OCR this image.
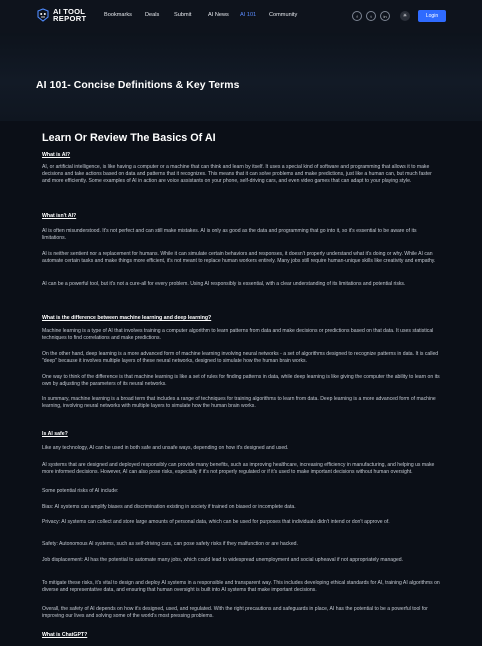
AI TOOL
REPORT	Bookmarks Deals	Submit	AI News AI 101 Community	f	t	in	☀	Login
AI 101- Concise Definitions & Key Terms
Learn Or Review The Basics Of AI
What is AI?

AI, or artificial intelligence, is like having a computer or a machine that can think and learn by itself. It uses a special kind of software and programming that allows it to make decisions and take actions based on data and patterns that it recognizes. This means that it can solve problems and make predictions, just like a human can, but much faster and more efficiently. Some examples of AI in action are voice assistants on your phone, self-driving cars, and even video games that can adapt to your playing style.

What isn't AI?

AI is often misunderstood. It's not perfect and can still make mistakes. AI is only as good as the data and programming that go into it, so it's essential to be aware of its limitations.

AI is neither sentient nor a replacement for humans. While it can simulate certain behaviors and responses, it doesn't properly understand what it's doing or why. While AI can automate certain tasks and make things more efficient, it's not meant to replace human workers entirely. Many jobs still require human-unique skills like creativity and empathy.

AI can be a powerful tool, but it's not a cure-all for every problem. Using AI responsibly is essential, with a clear understanding of its limitations and potential risks.

What is the difference between machine learning and deep learning?

Machine learning is a type of AI that involves training a computer algorithm to learn patterns from data and make decisions or predictions based on that data. It uses statistical techniques to find correlations and make predictions.

On the other hand, deep learning is a more advanced form of machine learning involving neural networks - a set of algorithms designed to recognize patterns in data. It is called "deep" because it involves multiple layers of these neural networks, designed to simulate how the human brain works.

One way to think of the difference is that machine learning is like a set of rules for finding patterns in data, while deep learning is like giving the computer the ability to learn on its own by adjusting the parameters of its neural networks.

In summary, machine learning is a broad term that includes a range of techniques for training algorithms to learn from data. Deep learning is a more advanced form of machine learning, involving neural networks with multiple layers to simulate how the human brain works.

Is AI safe?

Like any technology, AI can be used in both safe and unsafe ways, depending on how it's designed and used.

AI systems that are designed and deployed responsibly can provide many benefits, such as improving healthcare, increasing efficiency in manufacturing, and helping us make more informed decisions. However, AI can also pose risks, especially if it's not properly regulated or if it's used to make important decisions without human oversight.

Some potential risks of AI include:

Bias: AI systems can amplify biases and discrimination existing in society if trained on biased or incomplete data.

Privacy: AI systems can collect and store large amounts of personal data, which can be used for purposes that individuals didn't intend or don't approve of.

Safety: Autonomous AI systems, such as self-driving cars, can pose safety risks if they malfunction or are hacked.

Job displacement: AI has the potential to automate many jobs, which could lead to widespread unemployment and social upheaval if not appropriately managed.

To mitigate these risks, it's vital to design and deploy AI systems in a responsible and transparent way. This includes developing ethical standards for AI, training AI algorithms on diverse and representative data, and ensuring that human oversight is built into AI systems that make important decisions.

Overall, the safety of AI depends on how it's designed, used, and regulated. With the right precautions and safeguards in place, AI has the potential to be a powerful tool for improving our lives and solving some of the world's most pressing problems.

What is ChatGPT?
